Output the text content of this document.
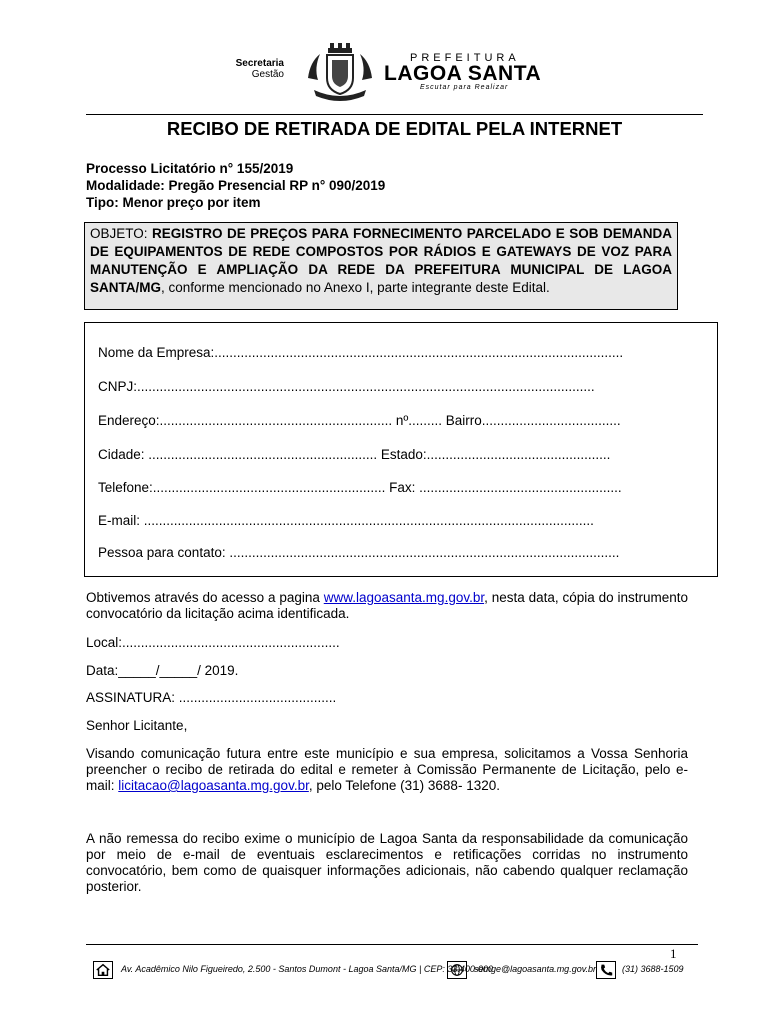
Secretaria
Gestão
PREFEITURA
LAGOA SANTA
Escutar para Realizar
RECIBO DE RETIRADA DE EDITAL PELA INTERNET
Processo Licitatório n° 155/2019
Modalidade: Pregão Presencial RP n° 090/2019
Tipo: Menor preço por item
OBJETO: REGISTRO DE PREÇOS PARA FORNECIMENTO PARCELADO E SOB DEMANDA DE EQUIPAMENTOS DE REDE COMPOSTOS POR RÁDIOS E GATEWAYS DE VOZ PARA MANUTENÇÃO E AMPLIAÇÃO DA REDE DA PREFEITURA MUNICIPAL DE LAGOA SANTA/MG, conforme mencionado no Anexo I, parte integrante deste Edital.
Nome da Empresa:.............................................................................................................
CNPJ:..........................................................................................................................
Endereço:.............................................................. nº......... Bairro.....................................
Cidade: ............................................................. Estado:.................................................
Telefone:.............................................................. Fax: ......................................................
E-mail: ........................................................................................................................
Pessoa para contato: ........................................................................................................
Obtivemos através do acesso a pagina www.lagoasanta.mg.gov.br, nesta data, cópia do instrumento convocatório da licitação acima identificada.
Local:..........................................................
Data:_____/_____/ 2019.
ASSINATURA: ..........................................
Senhor Licitante,
Visando comunicação futura entre este município e sua empresa, solicitamos a Vossa Senhoria preencher o recibo de retirada do edital e remeter à Comissão Permanente de Licitação, pelo e-mail: licitacao@lagoasanta.mg.gov.br, pelo Telefone (31) 3688- 1320.
A não remessa do recibo exime o município de Lagoa Santa da responsabilidade da comunicação por meio de e-mail de eventuais esclarecimentos e retificações corridas no instrumento convocatório, bem como de quaisquer informações adicionais, não cabendo qualquer reclamação posterior.
1
Av. Acadêmico Nilo Figueiredo, 2.500 - Santos Dumont - Lagoa Santa/MG | CEP: 33.400-000
semge@lagoasanta.mg.gov.br	(31) 3688-1509
